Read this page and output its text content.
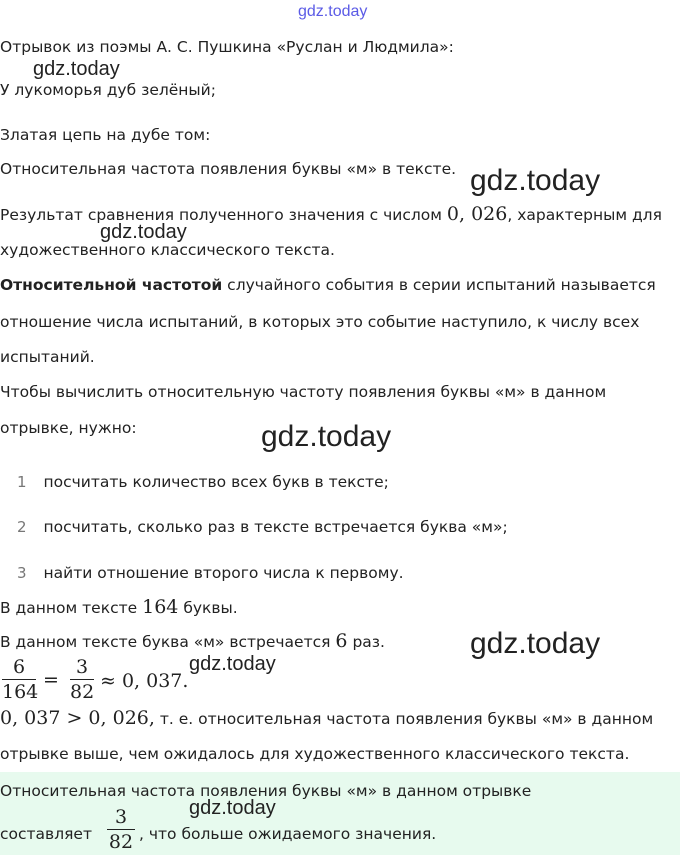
gdz.today
gdz.today
gdz.today
gdz.today
gdz.today
gdz.today
gdz.today
Отрывок из поэмы А. С. Пушкина «Руслан и Людмила»:
У лукоморья дуб зелёный;
Златая цепь на дубе том:
Относительная частота появления буквы «м» в тексте.
Результат сравнения полученного значения с числом 0, 026, характерным для
художественного классического текста.
Относительной частотой случайного события в серии испытаний называется
отношение числа испытаний, в которых это событие наступило, к числу всех
испытаний.
Чтобы вычислить относительную частоту появления буквы «м» в данном
отрывке, нужно:
1 посчитать количество всех букв в тексте;
2 посчитать, сколько раз в тексте встречается буква «м»;
3 найти отношение второго числа к первому.
В данном тексте 164 буквы.
В данном тексте буква «м» встречается 6 раз.
6
164
=
3
82 ≈ 0, 037.
0, 037 > 0, 026, т. е. относительная частота появления буквы «м» в данном
отрывке выше, чем ожидалось для художественного классического текста.
Относительная частота появления буквы «м» в данном отрывке
составляет
3
82 , что больше ожидаемого значения.
gdz.today
